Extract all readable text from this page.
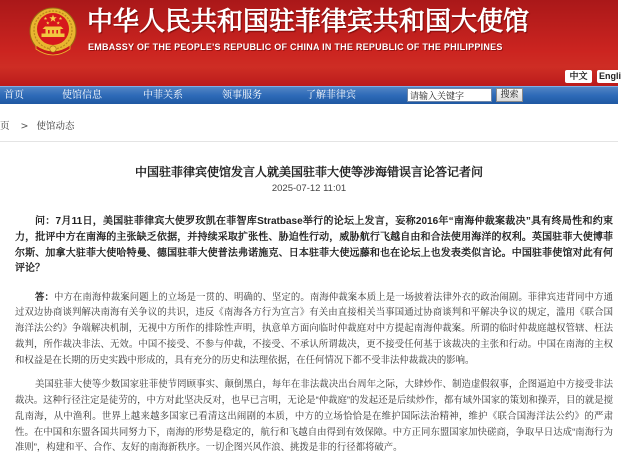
中华人民共和国驻菲律宾共和国大使馆
EMBASSY OF THE PEOPLE'S REPUBLIC OF CHINA IN THE REPUBLIC OF THE PHILIPPINES
中文	Engli
首页	使馆信息	中菲关系	领事服务	了解菲律宾
请输入关键字	搜索
页 > 使馆动态
中国驻菲律宾使馆发言人就美国驻菲大使等涉海错误言论答记者问
2025-07-12 11:01

问：7月11日，美国驻菲律宾大使罗玫凯在菲智库Stratbase举行的论坛上发言，妄称2016年“南海仲裁案裁决”具有终局性和约束力，批评中方在南海的主张缺乏依据，并持续采取扩张性、胁迫性行动，威胁航行飞越自由和合法使用海洋的权利。英国驻菲大使博菲尔斯、加拿大驻菲大使哈特曼、德国驻菲大使普法弗诺施克、日本驻菲大使远藤和也在论坛上也发表类似言论。中国驻菲使馆对此有何评论？

答：中方在南海仲裁案问题上的立场是一贯的、明确的、坚定的。南海仲裁案本质上是一场披着法律外衣的政治闹剧。菲律宾违背同中方通过双边协商谈判解决南海有关争议的共识，违反《南海各方行为宣言》有关由直接相关当事国通过协商谈判和平解决争议的规定，滥用《联合国海洋法公约》争端解决机制，无视中方所作的排除性声明，执意单方面向临时仲裁庭对中方提起南海仲裁案。所谓的临时仲裁庭越权管辖、枉法裁判，所作裁决非法、无效。中国不接受、不参与仲裁，不接受、不承认所谓裁决，更不接受任何基于该裁决的主张和行动。中国在南海的主权和权益是在长期的历史实践中形成的，具有充分的历史和法理依据，在任何情况下都不受非法仲裁裁决的影响。

美国驻菲大使等少数国家驻菲使节罔顾事实、颠倒黑白，每年在非法裁决出台周年之际，大肆炒作、制造虚假叙事，企图逼迫中方接受非法裁决。这种行径注定是徒劳的，中方对此坚决反对，也早已言明，无论是“仲裁庭”的发起还是后续炒作，都有域外国家的策划和操弄，目的就是搅乱南海，从中渔利。世界上越来越多国家已看清这出闹剧的本质，中方的立场恰恰是在维护国际法治精神，维护《联合国海洋法公约》的严肃性。在中国和东盟各国共同努力下，南海的形势是稳定的，航行和飞越自由得到有效保障。中方正同东盟国家加快磋商，争取早日达成“南海行为准则”，构建和平、合作、友好的南海新秩序。一切企图兴风作浪、挑拨是非的行径都将破产。
